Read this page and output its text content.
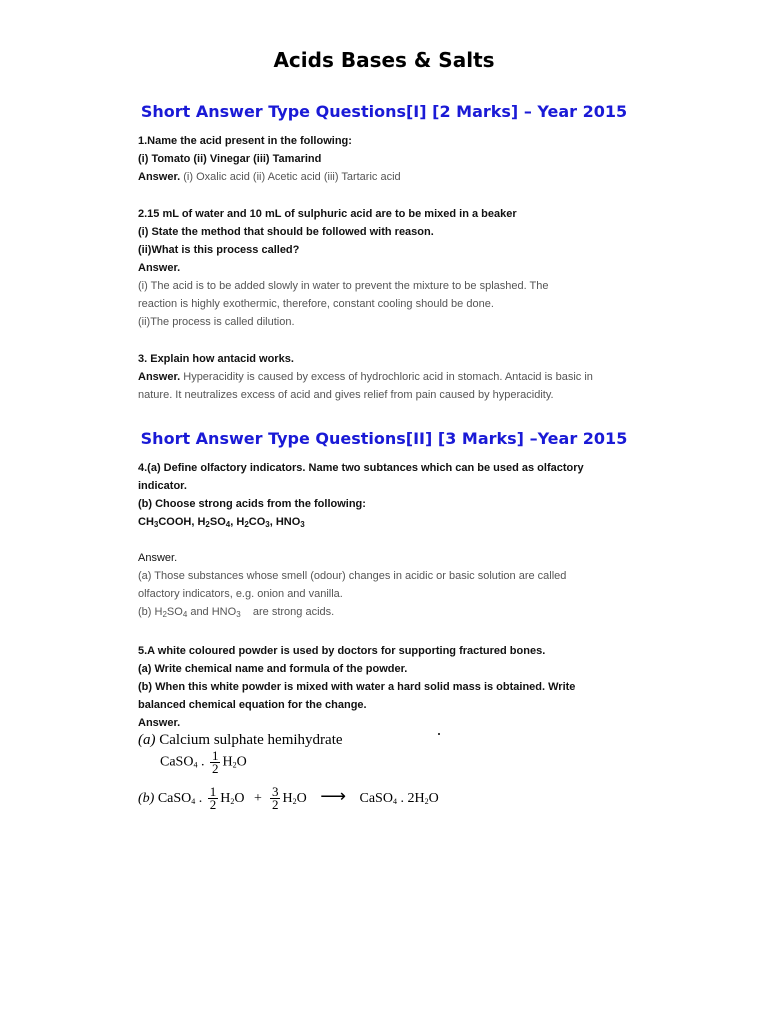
Acids Bases & Salts
Short Answer Type Questions[I] [2 Marks] – Year 2015
1.Name the acid present in the following:
(i) Tomato (ii) Vinegar (iii) Tamarind
Answer. (i) Oxalic acid (ii) Acetic acid (iii) Tartaric acid
2.15 mL of water and 10 mL of sulphuric acid are to be mixed in a beaker
(i) State the method that should be followed with reason.
(ii)What is this process called?
Answer.
(i) The acid is to be added slowly in water to prevent the mixture to be splashed. The
reaction is highly exothermic, therefore, constant cooling should be done.
(ii)The process is called dilution.
3. Explain how antacid works.
Answer. Hyperacidity is caused by excess of hydrochloric acid in stomach. Antacid is basic in
nature. It neutralizes excess of acid and gives relief from pain caused by hyperacidity.
Short Answer Type Questions[II] [3 Marks] –Year 2015
4.(a) Define olfactory indicators. Name two subtances which can be used as olfactory
indicator.
(b) Choose strong acids from the following:
$CH_3COOH$, $H_2SO_4$, $H_2CO_3$, $HNO_3$
Answer.
(a) Those substances whose smell (odour) changes in acidic or basic solution are called
olfactory indicators, e.g. onion and vanilla.
(b) $H_2SO_4$ and $HNO_3$    are strong acids.
5.A white coloured powder is used by doctors for supporting fractured bones.
(a) Write chemical name and formula of the powder.
(b) When this white powder is mixed with water a hard solid mass is obtained. Write
balanced chemical equation for the change.
Answer.
(a) Calcium sulphate hemihydrate
CaSO$_4$ . $\frac{1}{2} H_2O$
(b) CaSO$_4$ . $\frac{1}{2} H_2O + \frac{3}{2} H_2O$ ⟶ CaSO$_4$ . $2H_2O$
